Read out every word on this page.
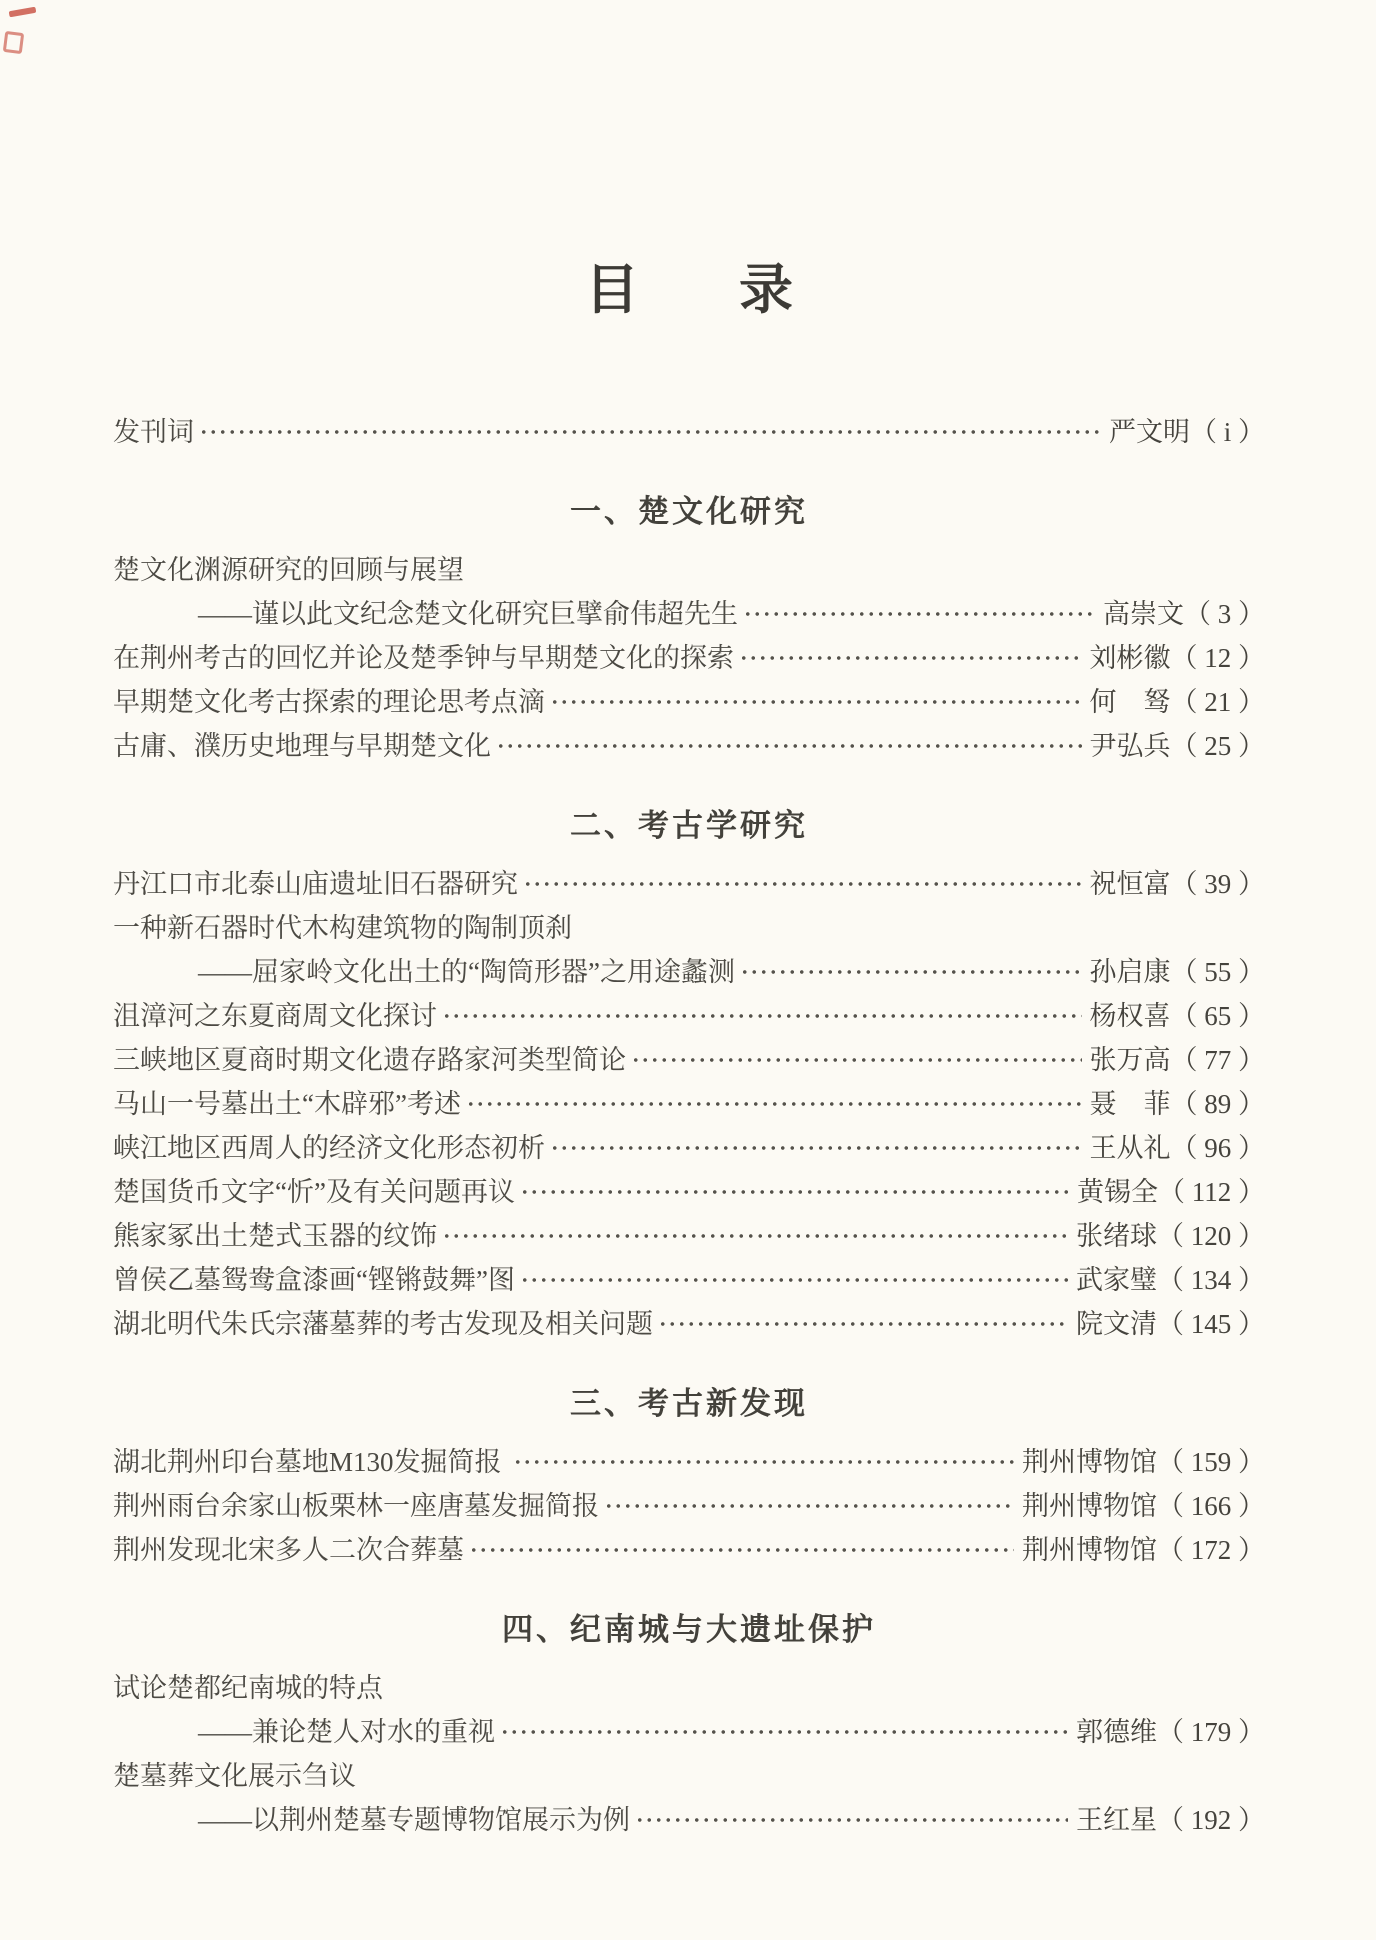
目 录
发刊词	严文明 （ i ）
一、楚文化研究
楚文化渊源研究的回顾与展望
——谨以此文纪念楚文化研究巨擘俞伟超先生	高崇文 （ 3 ）
在荆州考古的回忆并论及楚季钟与早期楚文化的探索	刘彬徽 （ 12 ）
早期楚文化考古探索的理论思考点滴	何　驽 （ 21 ）
古庸、濮历史地理与早期楚文化	尹弘兵 （ 25 ）
二、考古学研究
丹江口市北泰山庙遗址旧石器研究	祝恒富 （ 39 ）
一种新石器时代木构建筑物的陶制顶刹
——屈家岭文化出土的“陶筒形器”之用途蠡测	孙启康 （ 55 ）
沮漳河之东夏商周文化探讨	杨权喜 （ 65 ）
三峡地区夏商时期文化遗存路家河类型简论	张万高 （ 77 ）
马山一号墓出土“木辟邪”考述	聂　菲 （ 89 ）
峡江地区西周人的经济文化形态初析	王从礼 （ 96 ）
楚国货币文字“忻”及有关问题再议	黄锡全 （ 112 ）
熊家冢出土楚式玉器的纹饰	张绪球 （ 120 ）
曾侯乙墓鸳鸯盒漆画“铿锵鼓舞”图	武家璧 （ 134 ）
湖北明代朱氏宗藩墓葬的考古发现及相关问题	院文清 （ 145 ）
三、考古新发现
湖北荆州印台墓地M130发掘简报	荆州博物馆 （ 159 ）
荆州雨台余家山板栗林一座唐墓发掘简报	荆州博物馆 （ 166 ）
荆州发现北宋多人二次合葬墓	荆州博物馆 （ 172 ）
四、纪南城与大遗址保护
试论楚都纪南城的特点
——兼论楚人对水的重视	郭德维 （ 179 ）
楚墓葬文化展示刍议
——以荆州楚墓专题博物馆展示为例	王红星 （ 192 ）
